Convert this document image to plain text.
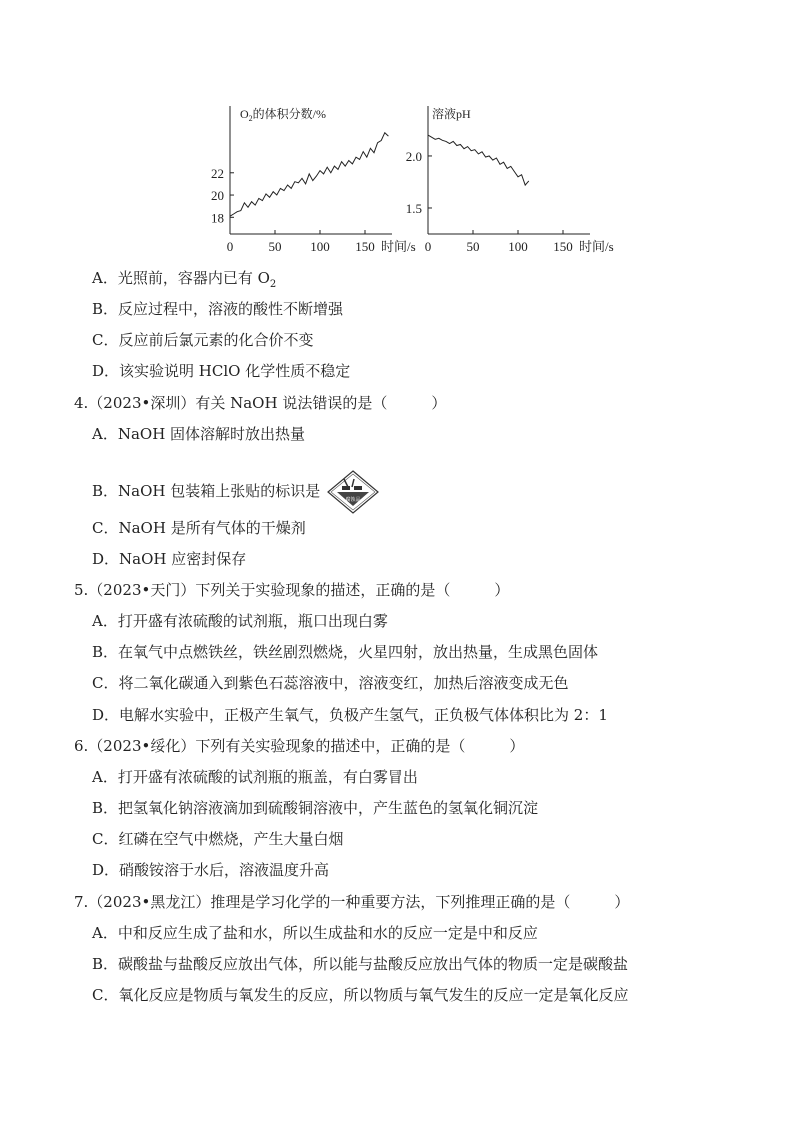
$O_2$的体积分数/%
0	50 100 150 时间/s
18
20
22
溶液pH
0	50 100 150 时间/s
1.5
2.0
A．光照前，容器内已有 $O_2$
B．反应过程中，溶液的酸性不断增强
C．反应前后氯元素的化合价不变
D．该实验说明 HClO 化学性质不稳定
4.（2023•深圳）有关 NaOH 说法错误的是（	）
A．NaOH 固体溶解时放出热量
B．NaOH 包装箱上张贴的标识是	腐蚀品
C．NaOH 是所有气体的干燥剂
D．NaOH 应密封保存
5.（2023•天门）下列关于实验现象的描述，正确的是（	）
A．打开盛有浓硫酸的试剂瓶，瓶口出现白雾
B．在氧气中点燃铁丝，铁丝剧烈燃烧，火星四射，放出热量，生成黑色固体
C．将二氧化碳通入到紫色石蕊溶液中，溶液变红，加热后溶液变成无色
D．电解水实验中，正极产生氧气，负极产生氢气，正负极气体体积比为 2：1
6.（2023•绥化）下列有关实验现象的描述中，正确的是（	）
A．打开盛有浓硫酸的试剂瓶的瓶盖，有白雾冒出
B．把氢氧化钠溶液滴加到硫酸铜溶液中，产生蓝色的氢氧化铜沉淀
C．红磷在空气中燃烧，产生大量白烟
D．硝酸铵溶于水后，溶液温度升高
7.（2023•黑龙江）推理是学习化学的一种重要方法，下列推理正确的是（	）
A．中和反应生成了盐和水，所以生成盐和水的反应一定是中和反应
B．碳酸盐与盐酸反应放出气体，所以能与盐酸反应放出气体的物质一定是碳酸盐
C．氧化反应是物质与氧发生的反应，所以物质与氧气发生的反应一定是氧化反应
